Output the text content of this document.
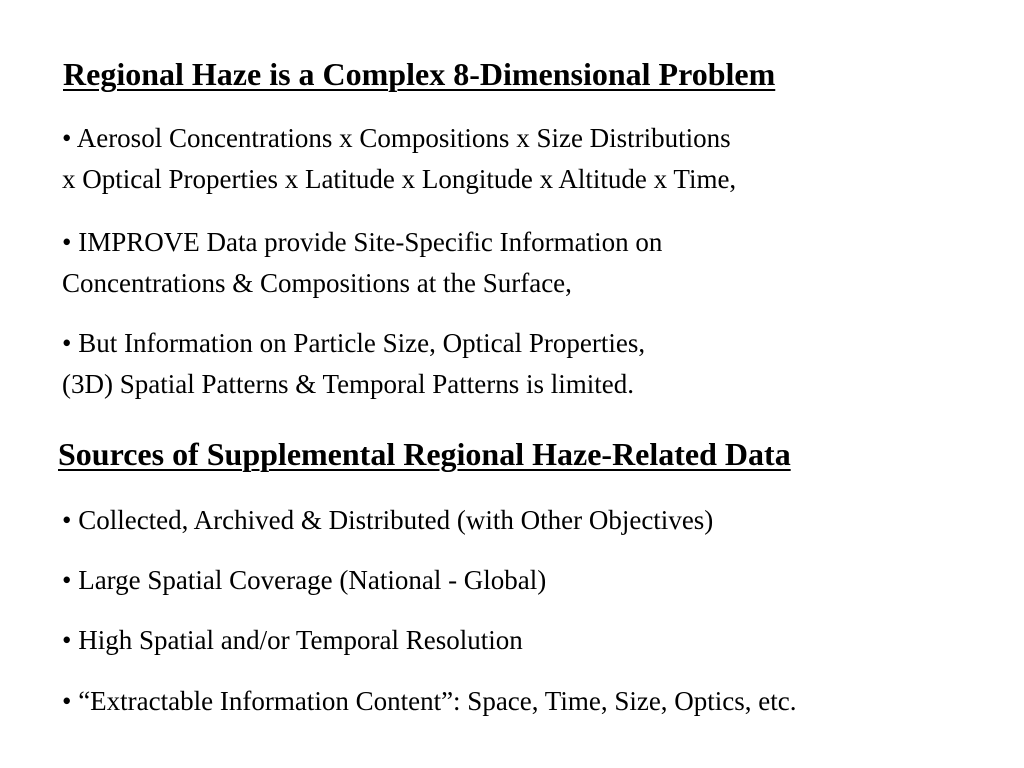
Regional Haze is a Complex 8-Dimensional Problem
• Aerosol Concentrations x Compositions x Size Distributions
x Optical Properties x Latitude x Longitude x Altitude x Time,
• IMPROVE Data provide Site-Specific Information on
Concentrations & Compositions at the Surface,
• But Information on Particle Size, Optical Properties,
(3D) Spatial Patterns & Temporal Patterns is limited.
Sources of Supplemental Regional Haze-Related Data
• Collected, Archived & Distributed (with Other Objectives)
• Large Spatial Coverage (National - Global)
• High Spatial and/or Temporal Resolution
• “Extractable Information Content”: Space, Time, Size, Optics, etc.
